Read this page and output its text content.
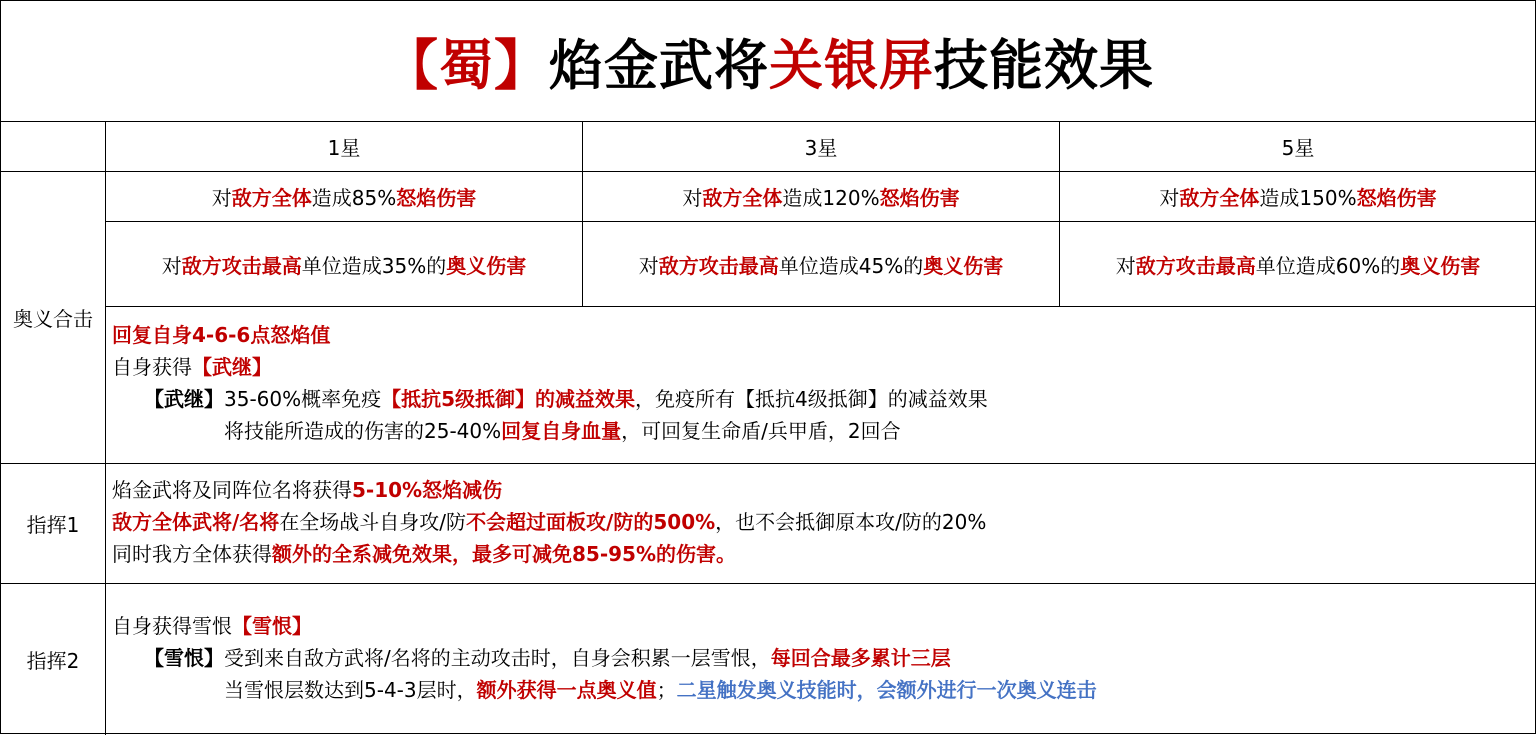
【蜀】 焰金武将 关银屏 技能效果
1星	3星	5星
奥义合击
对 敌方全体 造成85% 怒焰伤害	对 敌方全体 造成120% 怒焰伤害	对 敌方全体 造成150% 怒焰伤害
对 敌方攻击最高 单位造成35%的 奥义伤害	对 敌方攻击最高 单位造成45%的 奥义伤害	对 敌方攻击最高 单位造成60%的 奥义伤害
回复自身4-6-6点怒焰值
自身获得【武继】
【武继】35-60%概率免疫【抵抗5级抵御】的减益效果，免疫所有【抵抗4级抵御】的减益效果
将技能所造成的伤害的25-40%回复自身血量，可回复生命盾/兵甲盾，2回合
指挥1
焰金武将及同阵位名将获得5-10%怒焰减伤
敌方全体武将/名将在全场战斗自身攻/防不会超过面板攻/防的500%，也不会抵御原本攻/防的20%
同时我方全体获得额外的全系减免效果，最多可减免85-95%的伤害。
指挥2
自身获得雪恨【雪恨】
【雪恨】受到来自敌方武将/名将的主动攻击时，自身会积累一层雪恨，每回合最多累计三层
当雪恨层数达到5-4-3层时，额外获得一点奥义值；二星触发奥义技能时，会额外进行一次奥义连击
